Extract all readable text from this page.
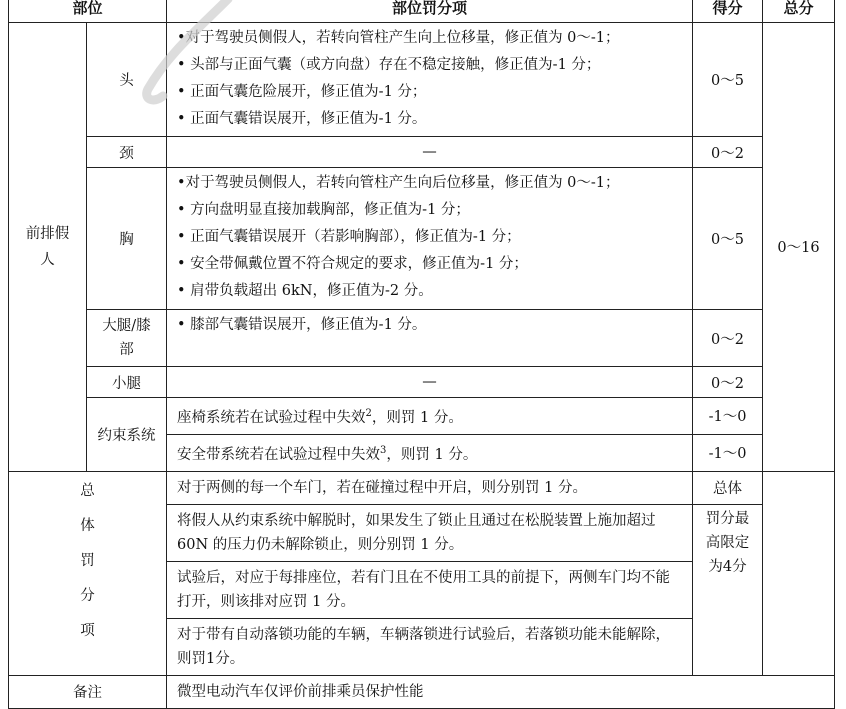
部位		部位罚分项	得分	总分

前排假人	头	•对于驾驶员侧假人，若转向管柱产生向上位移量，修正值为 0～-1；
• 头部与正面气囊（或方向盘）存在不稳定接触，修正值为-1 分；
• 正面气囊危险展开，修正值为-1 分；
• 正面气囊错误展开，修正值为-1 分。	0～5	0～16
	颈	—	0～2	
	胸	•对于驾驶员侧假人，若转向管柱产生向后位移量，修正值为 0～-1；
• 方向盘明显直接加载胸部，修正值为-1 分；
• 正面气囊错误展开（若影响胸部），修正值为-1 分；
• 安全带佩戴位置不符合规定的要求，修正值为-1 分；
• 肩带负载超出 6kN，修正值为-2 分。	0～5	

	大腿/膝部	• 膝部气囊错误展开，修正值为-1 分。	0～2	
	小腿	—	0～2	
	约束系统	座椅系统若在试验过程中失效$^2$，则罚 1 分。	-1～0	
		安全带系统若在试验过程中失效$^3$，则罚 1 分。	-1～0	

总
体
罚
分
项		对于两侧的每一个车门，若在碰撞过程中开启，则分别罚 1 分。	总体	
		将假人从约束系统中解脱时，如果发生了锁止且通过在松脱装置上施加超过 60N 的压力仍未解除锁止，则分别罚 1 分。	罚分最高限定为4分	

		试验后，对应于每排座位，若有门且在不使用工具的前提下，两侧车门均不能打开，则该排对应罚 1 分。		
		对于带有自动落锁功能的车辆，车辆落锁进行试验后，若落锁功能未能解除，则罚1分。		
备注		微型电动汽车仅评价前排乘员保护性能		
